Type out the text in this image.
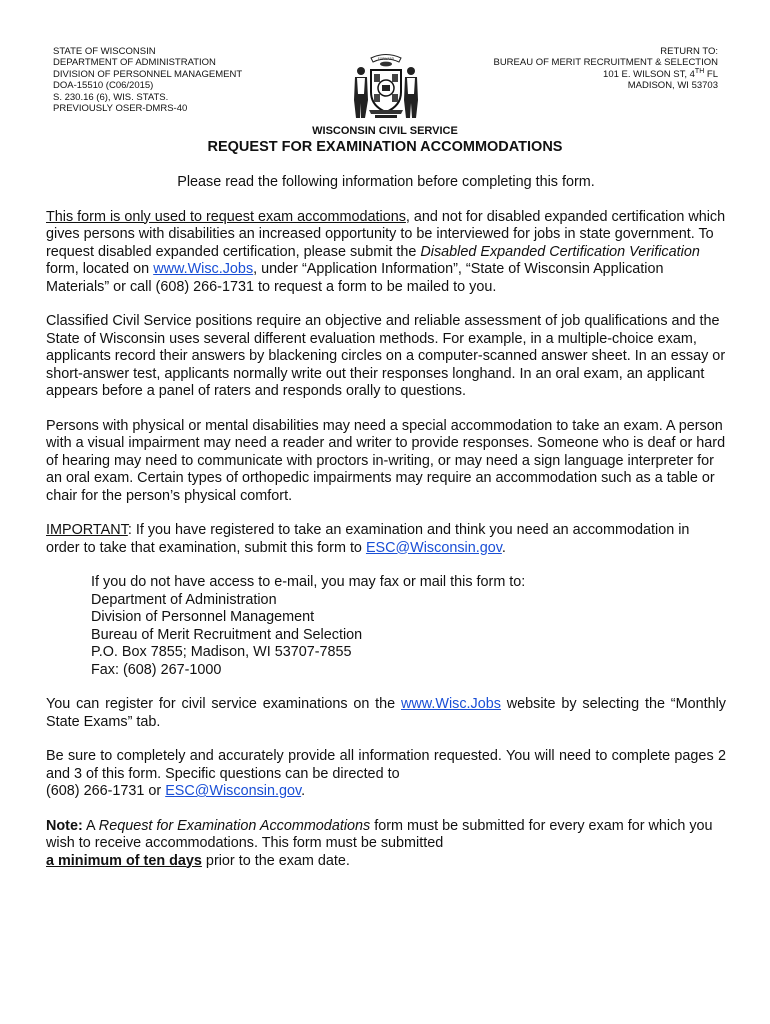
STATE OF WISCONSIN
DEPARTMENT OF ADMINISTRATION
DIVISION OF PERSONNEL MANAGEMENT
DOA-15510 (C06/2015)
S. 230.16 (6), WIS. STATS.
PREVIOUSLY OSER-DMRS-40
FORWARD
RETURN TO:
BUREAU OF MERIT RECRUITMENT & SELECTION
101 E. WILSON ST, 4TH FL
MADISON, WI 53703
WISCONSIN CIVIL SERVICE
REQUEST FOR EXAMINATION ACCOMMODATIONS

Please read the following information before completing this form.

This form is only used to request exam accommodations, and not for disabled expanded certification which gives persons with disabilities an increased opportunity to be interviewed for jobs in state government. To request disabled expanded certification, please submit the Disabled Expanded Certification Verification form, located on www.Wisc.Jobs, under “Application Information”, “State of Wisconsin Application Materials” or call (608) 266-1731 to request a form to be mailed to you.

Classified Civil Service positions require an objective and reliable assessment of job qualifications and the State of Wisconsin uses several different evaluation methods. For example, in a multiple-choice exam, applicants record their answers by blackening circles on a computer-scanned answer sheet. In an essay or short-answer test, applicants normally write out their responses longhand. In an oral exam, an applicant appears before a panel of raters and responds orally to questions.

Persons with physical or mental disabilities may need a special accommodation to take an exam. A person with a visual impairment may need a reader and writer to provide responses. Someone who is deaf or hard of hearing may need to communicate with proctors in-writing, or may need a sign language interpreter for an oral exam. Certain types of orthopedic impairments may require an accommodation such as a table or chair for the person’s physical comfort.

IMPORTANT: If you have registered to take an examination and think you need an accommodation in order to take that examination, submit this form to ESC@Wisconsin.gov.

If you do not have access to e-mail, you may fax or mail this form to:
Department of Administration
Division of Personnel Management
Bureau of Merit Recruitment and Selection
P.O. Box 7855; Madison, WI 53707-7855
Fax: (608) 267-1000

You can register for civil service examinations on the www.Wisc.Jobs website by selecting the “Monthly State Exams” tab.

Be sure to completely and accurately provide all information requested. You will need to complete pages 2 and 3 of this form. Specific questions can be directed to
(608) 266-1731 or ESC@Wisconsin.gov.

Note: A Request for Examination Accommodations form must be submitted for every exam for which you wish to receive accommodations. This form must be submitted
a minimum of ten days prior to the exam date.
